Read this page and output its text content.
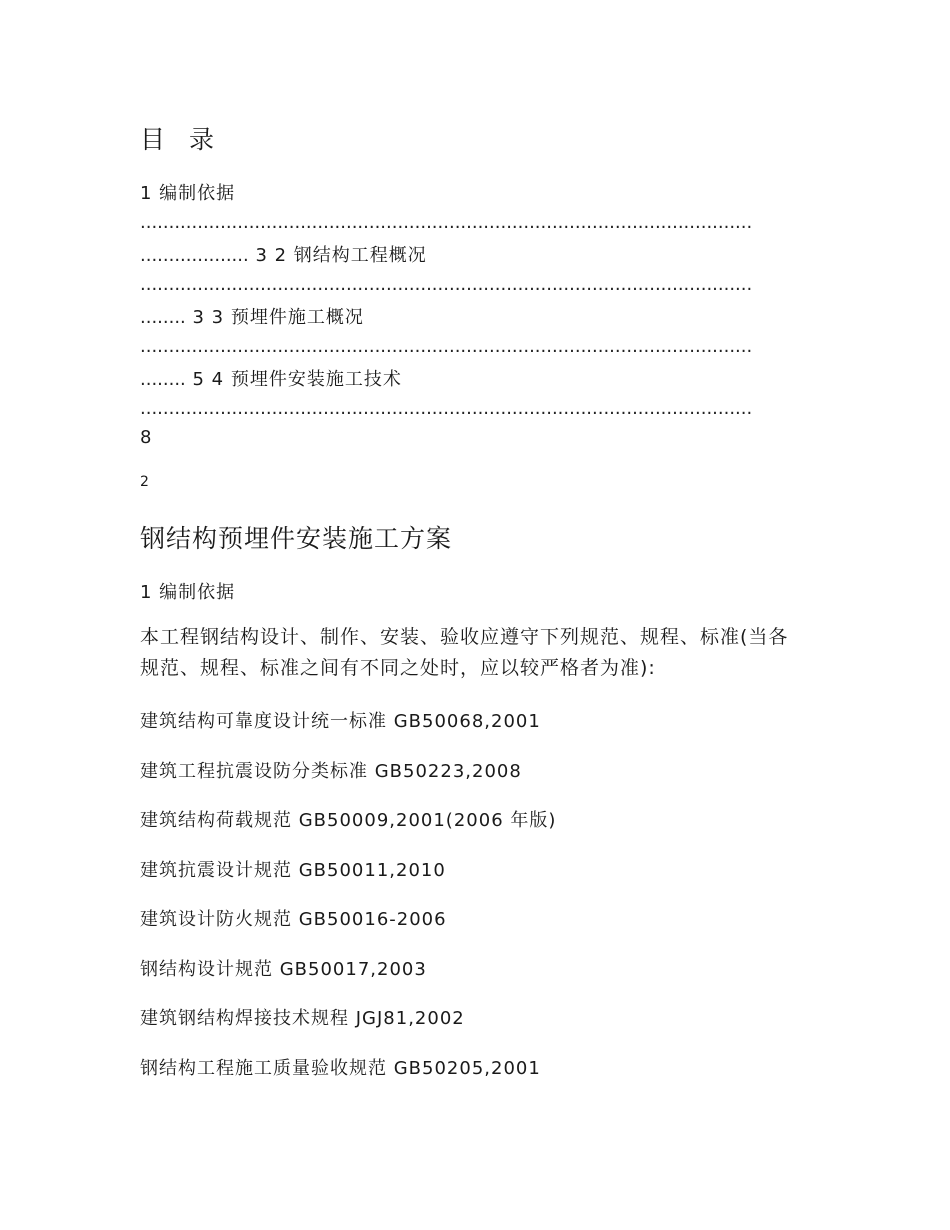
目 录
1 编制依据
...........................................................................................................
................... 3 2 钢结构工程概况
...........................................................................................................
........ 3 3 预埋件施工概况
...........................................................................................................
........ 5 4 预埋件安装施工技术
...........................................................................................................
8
2
钢结构预埋件安装施工方案
1 编制依据
本工程钢结构设计、制作、安装、验收应遵守下列规范、规程、标准(当各规范、规程、标准之间有不同之处时，应以较严格者为准):
建筑结构可靠度设计统一标准 GB50068,2001
建筑工程抗震设防分类标准 GB50223,2008
建筑结构荷载规范 GB50009,2001(2006 年版)
建筑抗震设计规范 GB50011,2010
建筑设计防火规范 GB50016-2006
钢结构设计规范 GB50017,2003
建筑钢结构焊接技术规程 JGJ81,2002
钢结构工程施工质量验收规范 GB50205,2001
